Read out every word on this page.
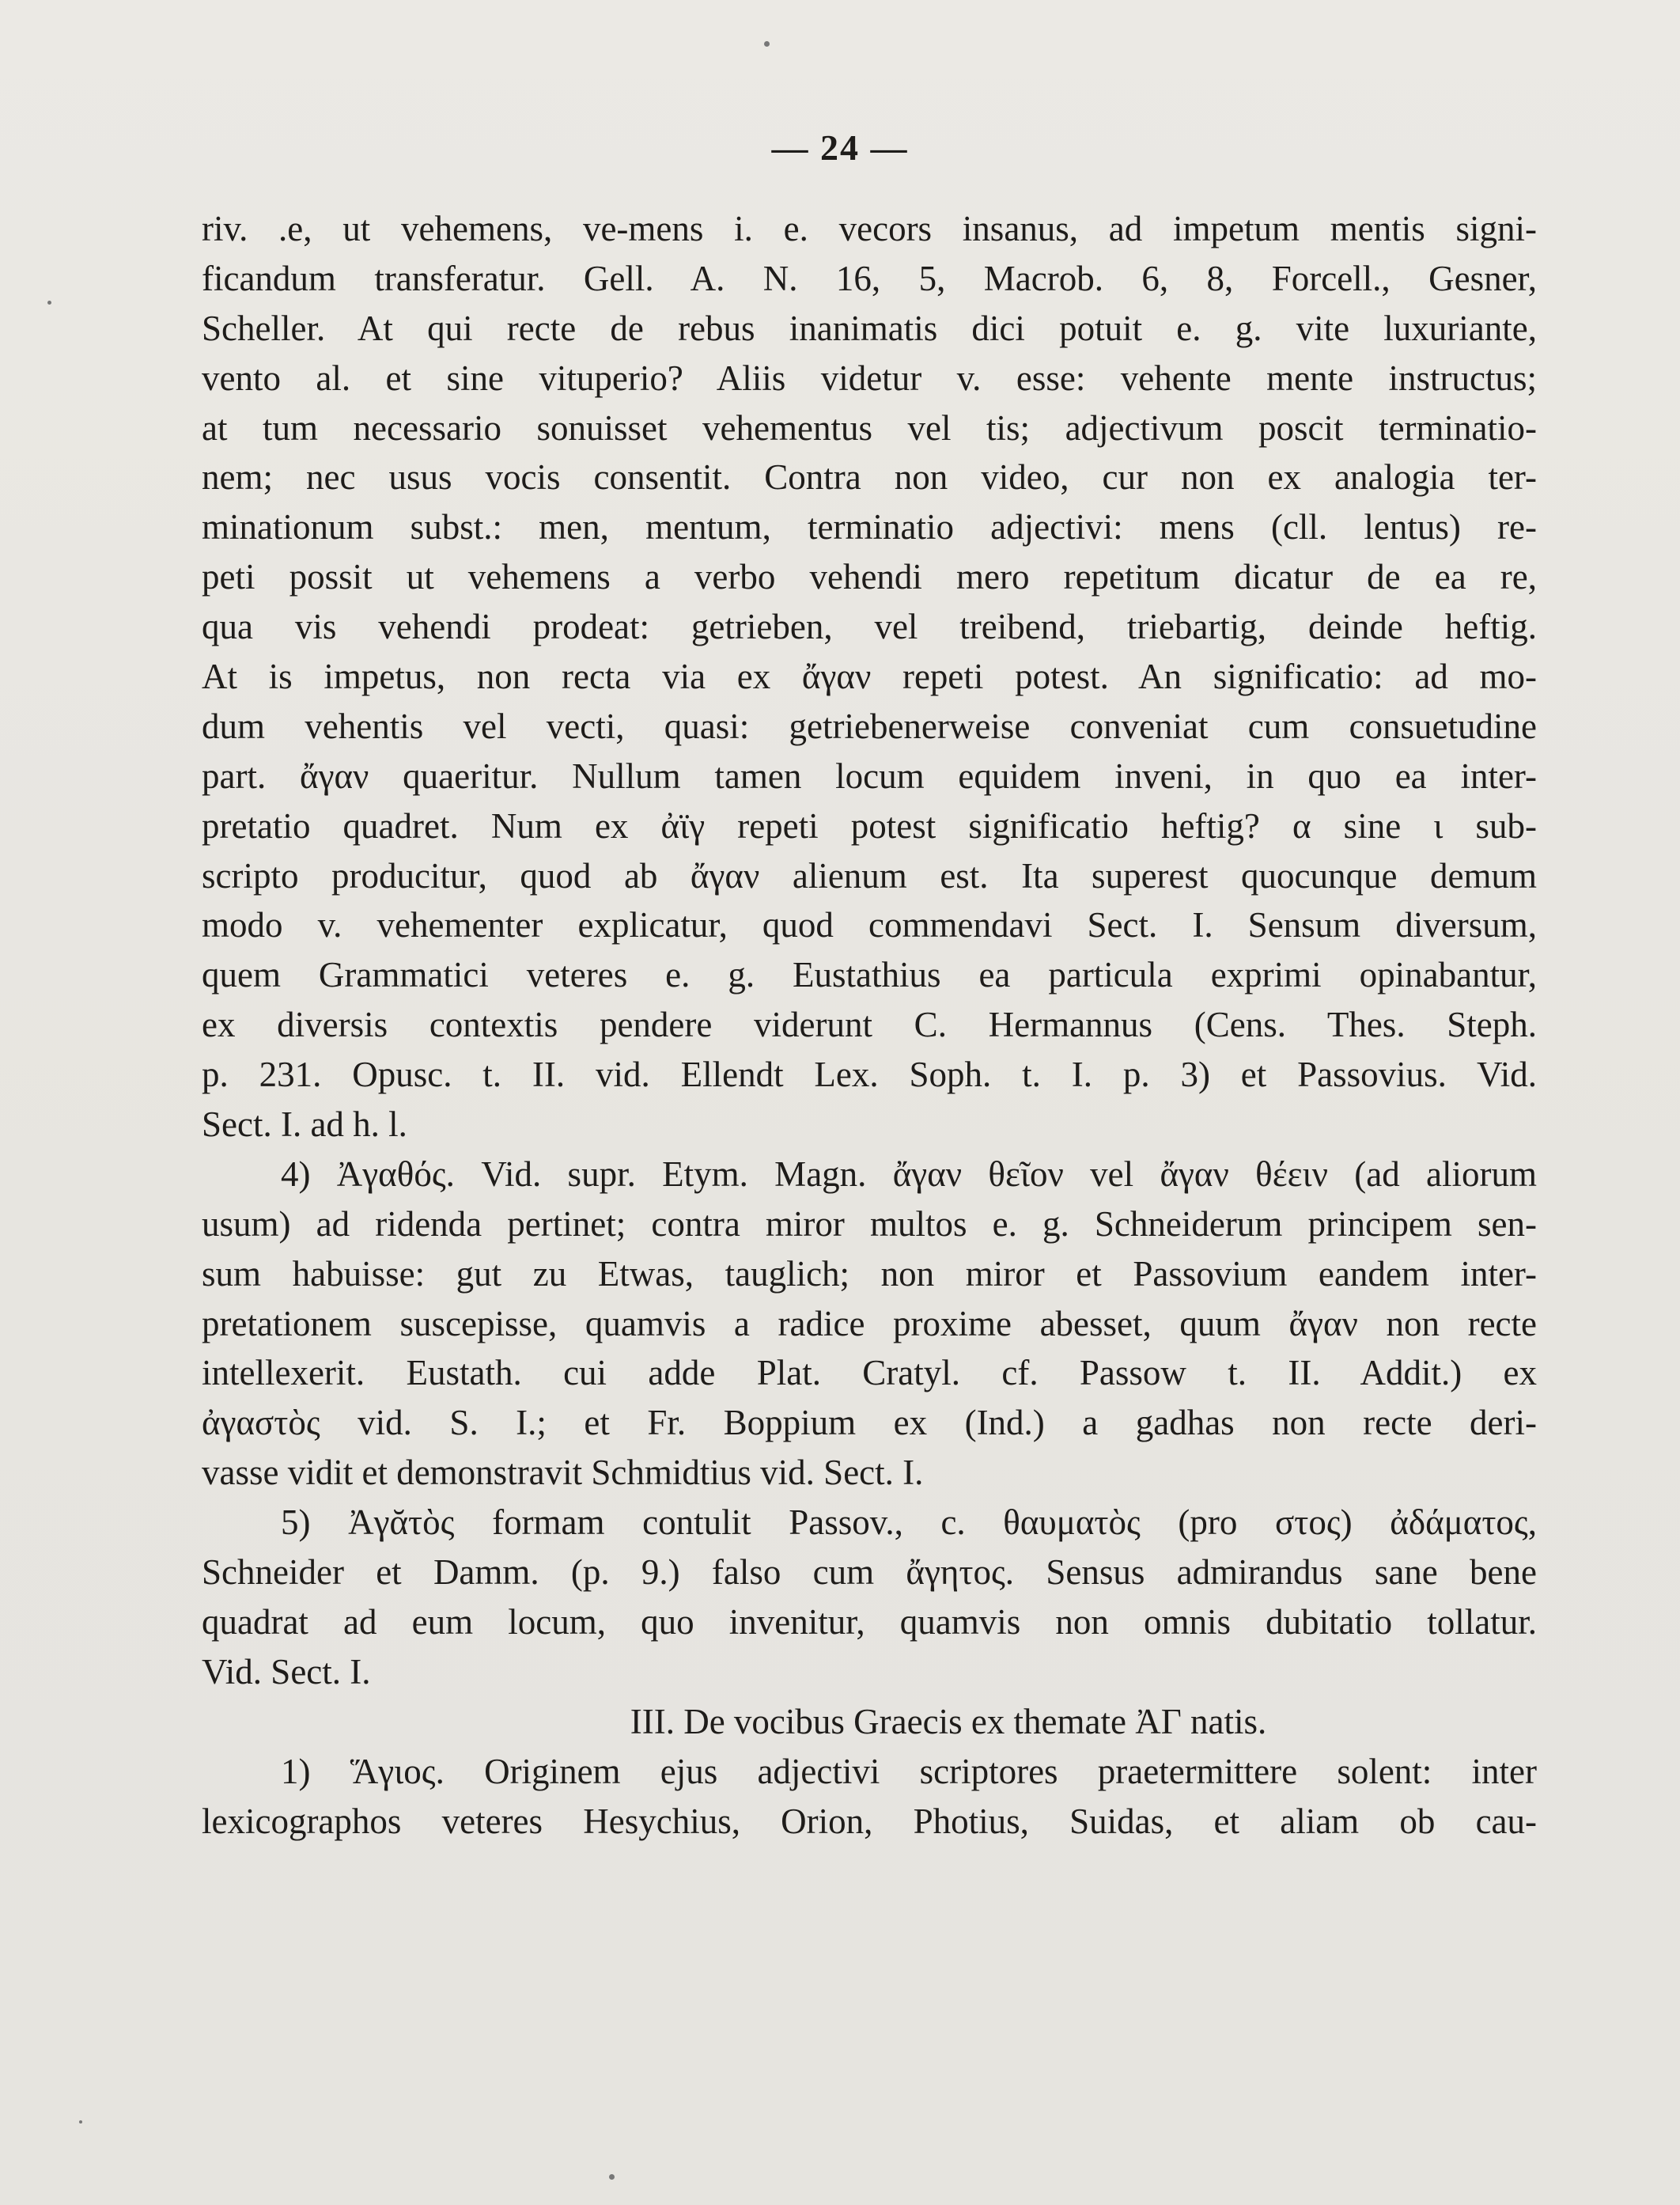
— 24 —
riv. .e, ut vehemens, ve-mens i. e. vecors insanus, ad impetum mentis signi-
ficandum transferatur. Gell. A. N. 16, 5, Macrob. 6, 8, Forcell., Gesner,
Scheller. At qui recte de rebus inanimatis dici potuit e. g. vite luxuriante,
vento al. et sine vituperio? Aliis videtur v. esse: vehente mente instructus;
at tum necessario sonuisset vehementus vel tis; adjectivum poscit terminatio-
nem; nec usus vocis consentit. Contra non video, cur non ex analogia ter-
minationum subst.: men, mentum, terminatio adjectivi: mens (cll. lentus) re-
peti possit ut vehemens a verbo vehendi mero repetitum dicatur de ea re,
qua vis vehendi prodeat: getrieben, vel treibend, triebartig, deinde heftig.
At is impetus, non recta via ex ἄγαν repeti potest. An significatio: ad mo-
dum vehentis vel vecti, quasi: getriebenerweise conveniat cum consuetudine
part. ἄγαν quaeritur. Nullum tamen locum equidem inveni, in quo ea inter-
pretatio quadret. Num ex ἀϊγ repeti potest significatio heftig? α sine ι sub-
scripto producitur, quod ab ἄγαν alienum est. Ita superest quocunque demum
modo v. vehementer explicatur, quod commendavi Sect. I. Sensum diversum,
quem Grammatici veteres e. g. Eustathius ea particula exprimi opinabantur,
ex diversis contextis pendere viderunt C. Hermannus (Cens. Thes. Steph.
p. 231. Opusc. t. II. vid. Ellendt Lex. Soph. t. I. p. 3) et Passovius. Vid.
Sect. I. ad h. l.
4) Ἀγαθός. Vid. supr. Etym. Magn. ἄγαν θεῖον vel ἄγαν θέειν (ad aliorum
usum) ad ridenda pertinet; contra miror multos e. g. Schneiderum principem sen-
sum habuisse: gut zu Etwas, tauglich; non miror et Passovium eandem inter-
pretationem suscepisse, quamvis a radice proxime abesset, quum ἄγαν non recte
intellexerit. Eustath. cui adde Plat. Cratyl. cf. Passow t. II. Addit.) ex
ἀγαστὸς vid. S. I.; et Fr. Boppium ex (Ind.) a gadhas non recte deri-
vasse vidit et demonstravit Schmidtius vid. Sect. I.
5) Ἀγᾰτὸς formam contulit Passov., c. θαυματὸς (pro στος) ἀδάματος,
Schneider et Damm. (p. 9.) falso cum ἄγητος. Sensus admirandus sane bene
quadrat ad eum locum, quo invenitur, quamvis non omnis dubitatio tollatur.
Vid. Sect. I.
III. De vocibus Graecis ex themate ἈΓ natis.
1) Ἅγιος. Originem ejus adjectivi scriptores praetermittere solent: inter
lexicographos veteres Hesychius, Orion, Photius, Suidas, et aliam ob cau-
